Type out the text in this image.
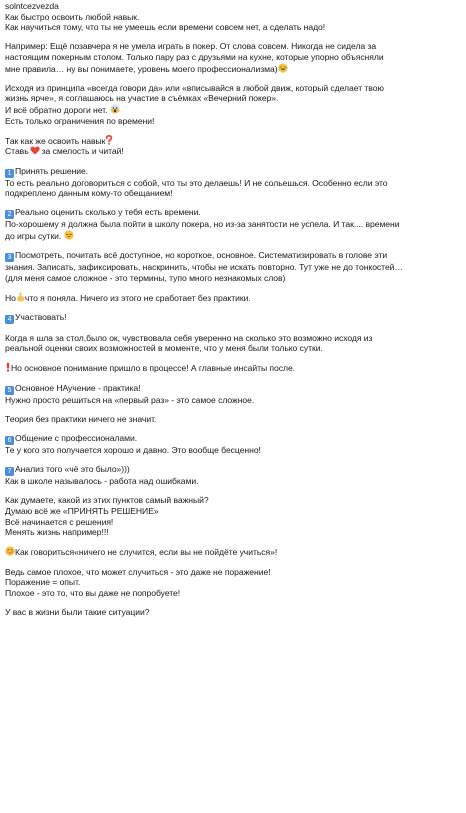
solntcezvezda
Как быстро освоить любой навык.
Как научиться тому, что ты не умеешь если времени совсем нет, а сделать надо!
Например: Ещё позавчера я не умела играть в покер. От слова совсем. Никогда не сидела за
настоящим покерным столом. Только пару раз с друзьями на кухне, которые упорно объясняли
мне правила… ну вы понимаете, уровень моего профессионализма)
Исходя из принципа «всегда говори да» или «вписывайся в любой движ, который сделает твою
жизнь ярче», я соглашаюсь на участие в съёмках «Вечерний покер».
И всё обратно дороги нет.
Есть только ограничения по времени!
Так как же освоить навык
Ставь за смелость и читай!
1 Принять решение.
То есть реально договориться с собой, что ты это делаешь! И не сольешься. Особенно если это
подкреплено данным кому-то обещанием!
2 Реально оценить сколько у тебя есть времени.
По-хорошему я должна была пойти в школу покера, но из-за занятости не успела. И так.... времени
до игры сутки.
3 Посмотреть, почитать всё доступное, но короткое, основное. Систематизировать в голове эти
знания. Записать, зафиксировать, наскринить, чтобы не искать повторно. Тут уже не до тонкостей…
(для меня самое сложное - это термины, тупо много незнакомых слов)
Но что я поняла. Ничего из этого не сработает без практики.
4 Участвовать!
Когда я шла за стол,было ок, чувствовала себя уверенно на сколько это возможно исходя из
реальной оценки своих возможностей в моменте, что у меня были только сутки.
Но основное понимание пришло в процессе! А главные инсайты после.
5 Основное НАучение - практика!
Нужно просто решиться на «первый раз» - это самое сложное.
Теория без практики ничего не значит.
6 Общение с профессионалами.
Те у кого это получается хорошо и давно. Это вообще бесценно!
7 Анализ того «чё это было»)))
Как в школе называлось - работа над ошибками.
Как думаете, какой из этих пунктов самый важный?
Думаю всё же «ПРИНЯТЬ РЕШЕНИЕ»
Всё начинается с решения!
Менять жизнь например!!!
Как говориться«ничего не случится, если вы не пойдёте учиться»!
Ведь самое плохое, что может случиться - это даже не поражение!
Поражение = опыт.
Плохое - это то, что вы даже не попробуете!
У вас в жизни были такие ситуации?
